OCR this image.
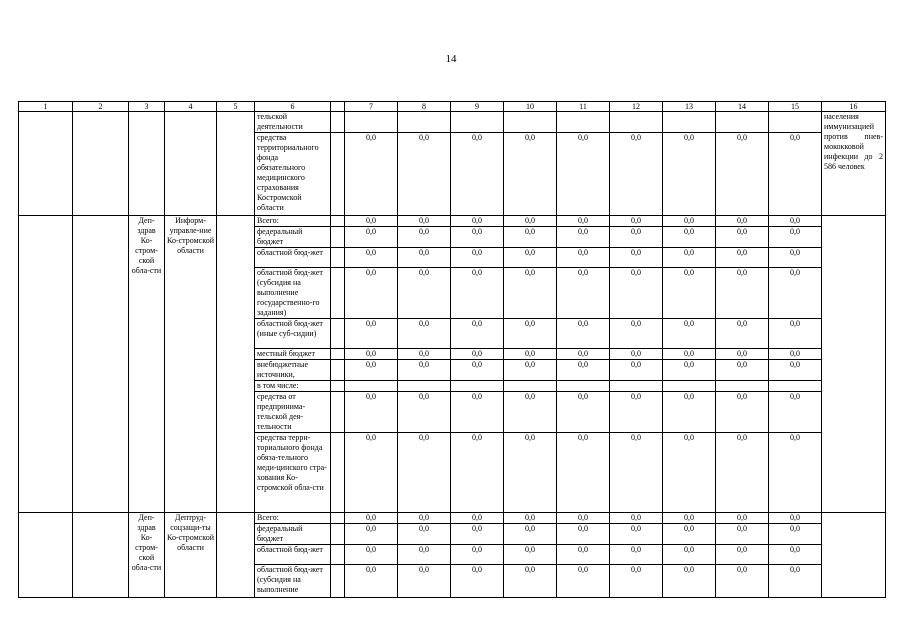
14
1	2	3	4	5	6		7	8	9	10	11	12	13	14	15	16
					тельской деятельности											населения иммунизацией против пнев-мококковой инфекции до 2 586 человек
					средства территориального фонда обязательного медицинского страхования Костромской области		0,0	0,0	0,0	0,0	0,0	0,0	0,0	0,0	0,0	
		Деп-здрав Ко-стром-ской обла-сти	Информ-управле-ние Ко-стромской области		Всего:		0,0	0,0	0,0	0,0	0,0	0,0	0,0	0,0	0,0	
					федеральный бюджет		0,0	0,0	0,0	0,0	0,0	0,0	0,0	0,0	0,0	
					областной бюд-жет		0,0	0,0	0,0	0,0	0,0	0,0	0,0	0,0	0,0	
					областной бюд-жет (субсидия на выполнение государственно-го задания)		0,0	0,0	0,0	0,0	0,0	0,0	0,0	0,0	0,0	
					областной бюд-жет (иные суб-сидии)		0,0	0,0	0,0	0,0	0,0	0,0	0,0	0,0	0,0	
					местный бюджет		0,0	0,0	0,0	0,0	0,0	0,0	0,0	0,0	0,0	
					внебюджетные источники,		0,0	0,0	0,0	0,0	0,0	0,0	0,0	0,0	0,0	
					в том числе:											
					средства от предпринима-тельской дея-тельности		0,0	0,0	0,0	0,0	0,0	0,0	0,0	0,0	0,0	
					средства терри-ториального фонда обяза-тельного меди-цинского стра-хования Ко-стромской обла-сти		0,0	0,0	0,0	0,0	0,0	0,0	0,0	0,0	0,0	
		Деп-здрав Ко-стром-ской обла-сти	Дептруд-соцзащи-ты Ко-стромской области		Всего:		0,0	0,0	0,0	0,0	0,0	0,0	0,0	0,0	0,0	
					федеральный бюджет		0,0	0,0	0,0	0,0	0,0	0,0	0,0	0,0	0,0	
					областной бюд-жет		0,0	0,0	0,0	0,0	0,0	0,0	0,0	0,0	0,0	
					областной бюд-жет (субсидия на выполнение		0,0	0,0	0,0	0,0	0,0	0,0	0,0	0,0	0,0	
